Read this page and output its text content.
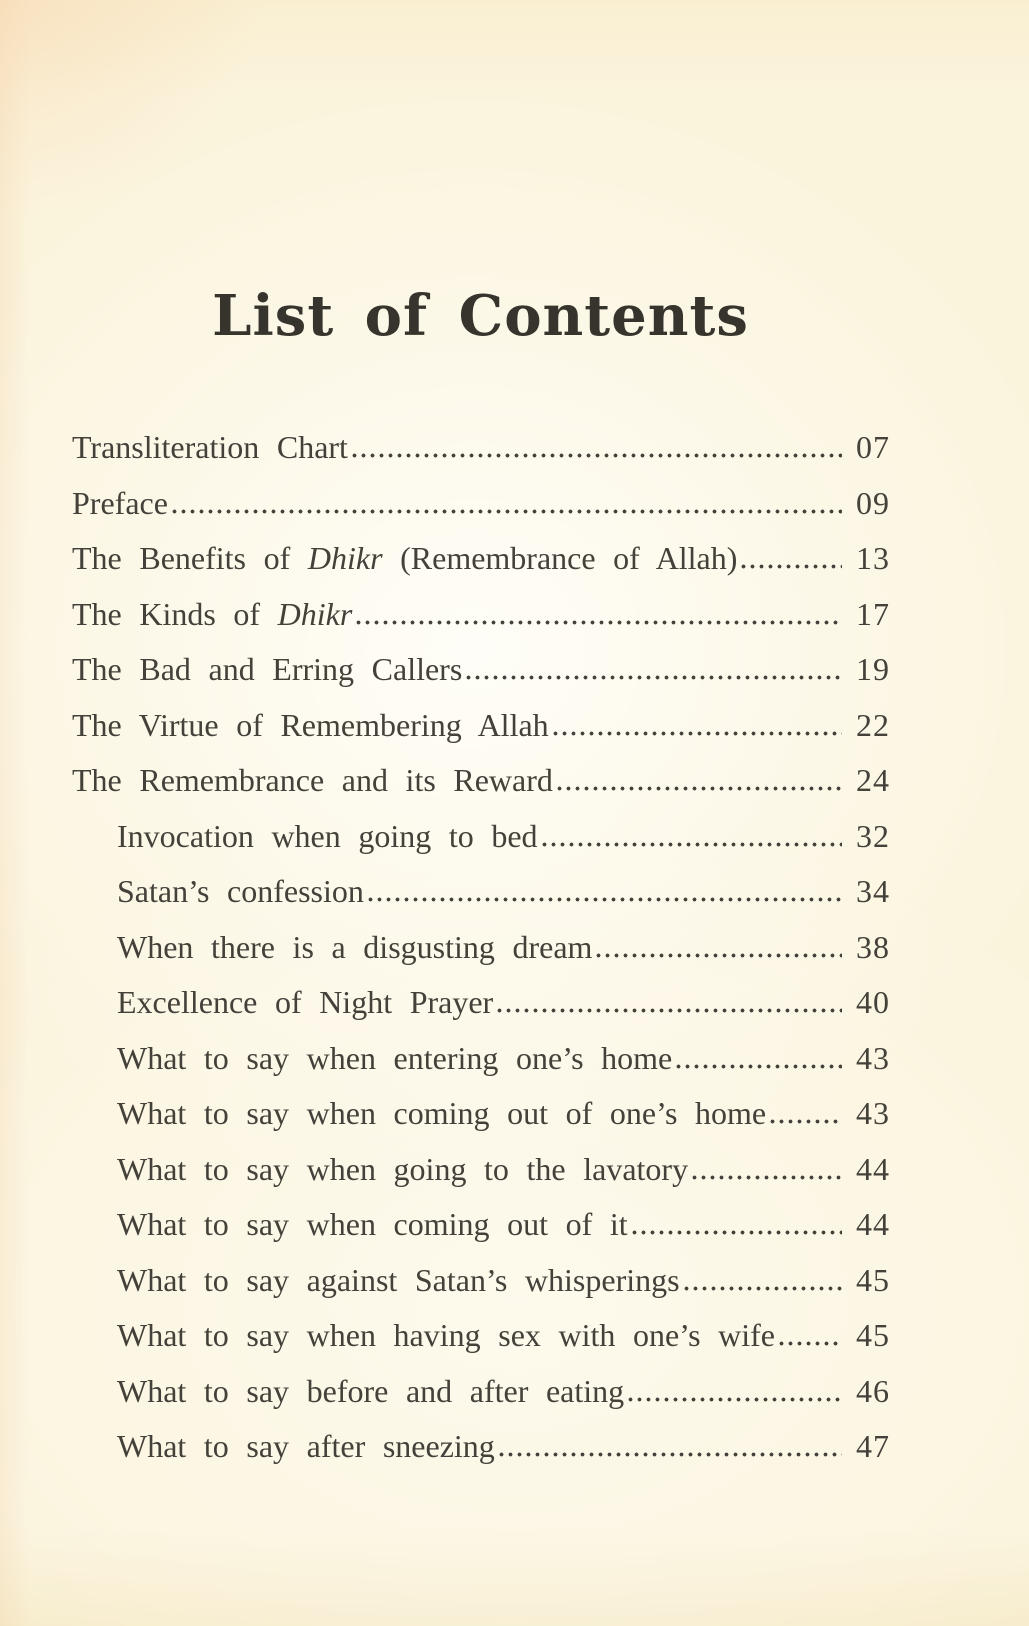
List of Contents
Transliteration Chart	07
Preface	09
The Benefits of Dhikr (Remembrance of Allah)	13
The Kinds of Dhikr	17
The Bad and Erring Callers	19
The Virtue of Remembering Allah	22
The Remembrance and its Reward	24
Invocation when going to bed	32
Satan’s confession	34
When there is a disgusting dream	38
Excellence of Night Prayer	40
What to say when entering one’s home	43
What to say when coming out of one’s home	43
What to say when going to the lavatory	44
What to say when coming out of it	44
What to say against Satan’s whisperings	45
What to say when having sex with one’s wife	45
What to say before and after eating	46
What to say after sneezing	47
